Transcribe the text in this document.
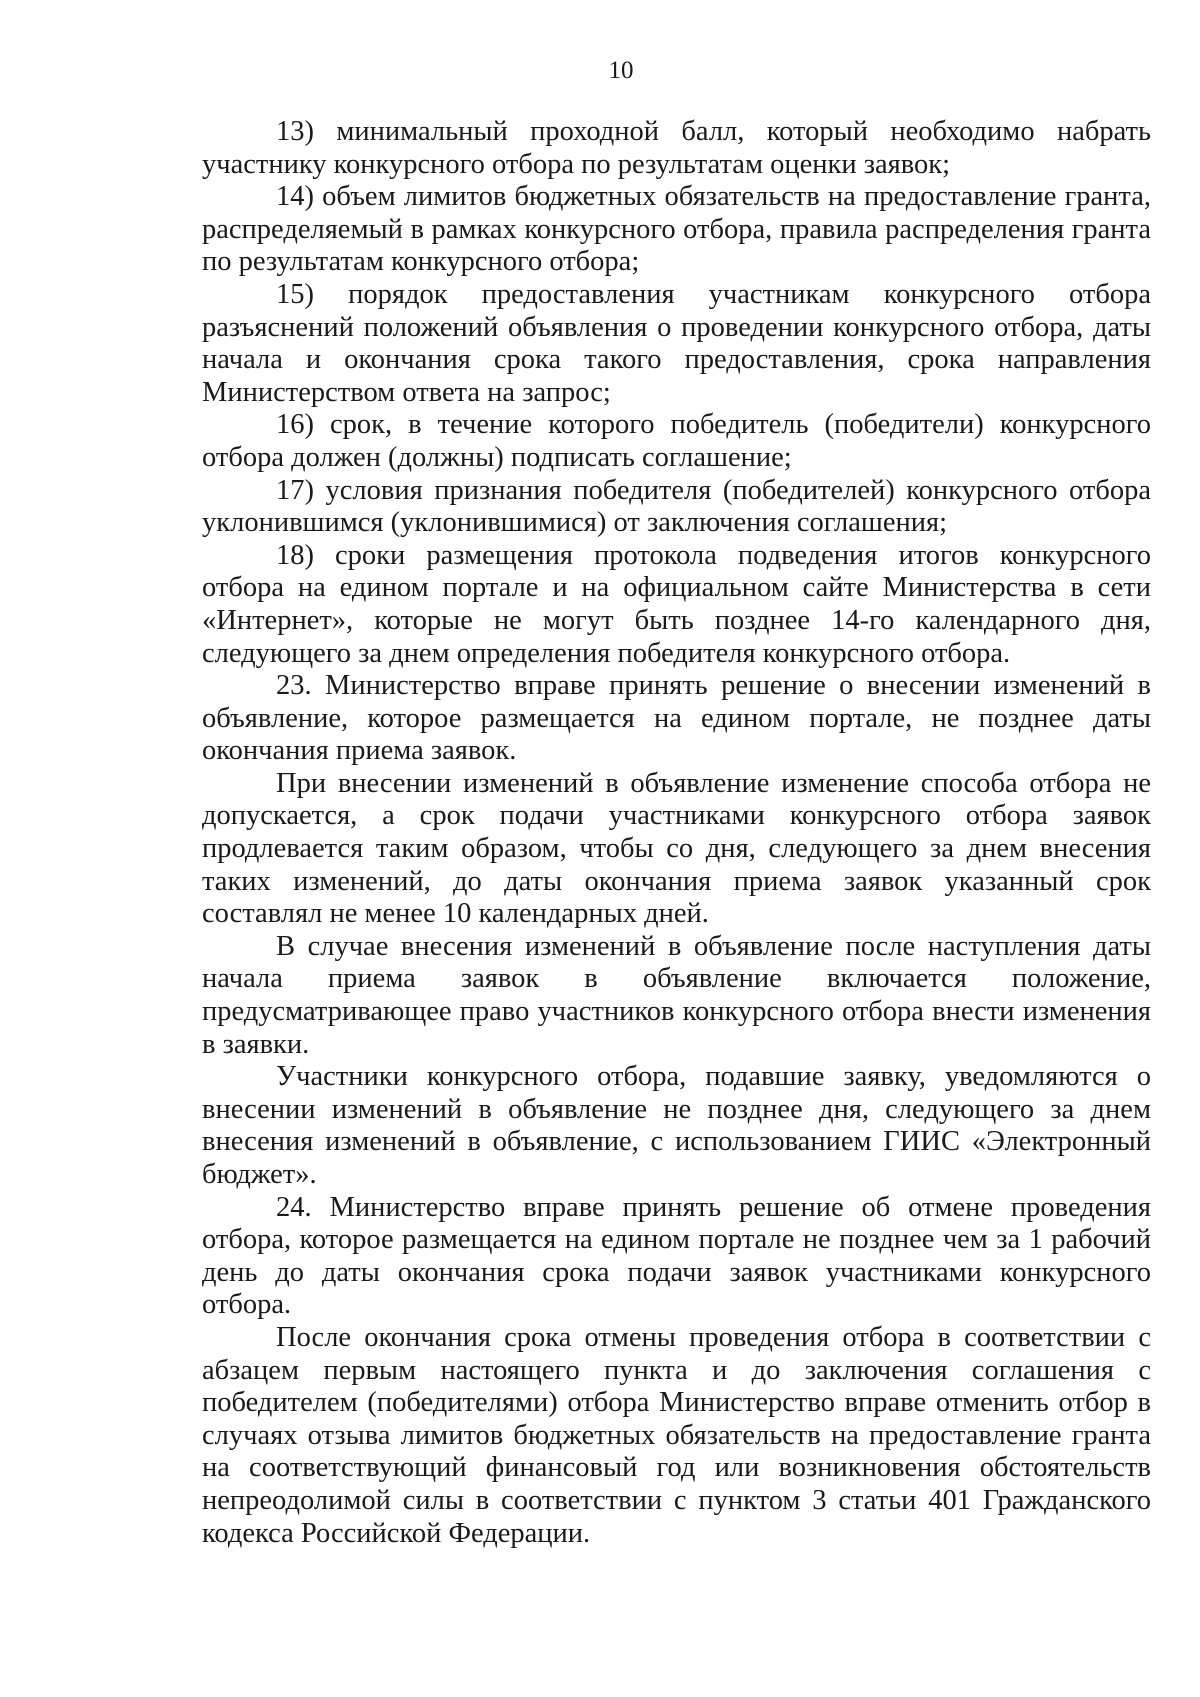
10

13) минимальный проходной балл, который необходимо набрать участнику конкурсного отбора по результатам оценки заявок;

14) объем лимитов бюджетных обязательств на предоставление гранта, распределяемый в рамках конкурсного отбора, правила распределения гранта по результатам конкурсного отбора;

15) порядок предоставления участникам конкурсного отбора разъяснений положений объявления о проведении конкурсного отбора, даты начала и окончания срока такого предоставления, срока направления Министерством ответа на запрос;

16) срок, в течение которого победитель (победители) конкурсного отбора должен (должны) подписать соглашение;

17) условия признания победителя (победителей) конкурсного отбора уклонившимся (уклонившимися) от заключения соглашения;

18) сроки размещения протокола подведения итогов конкурсного отбора на едином портале и на официальном сайте Министерства в сети «Интернет», которые не могут быть позднее 14-го календарного дня, следующего за днем определения победителя конкурсного отбора.

23. Министерство вправе принять решение о внесении изменений в объявление, которое размещается на едином портале, не позднее даты окончания приема заявок.

При внесении изменений в объявление изменение способа отбора не допускается, а срок подачи участниками конкурсного отбора заявок продлевается таким образом, чтобы со дня, следующего за днем внесения таких изменений, до даты окончания приема заявок указанный срок составлял не менее 10 календарных дней.

В случае внесения изменений в объявление после наступления даты начала приема заявок в объявление включается положение, предусматривающее право участников конкурсного отбора внести изменения в заявки.

Участники конкурсного отбора, подавшие заявку, уведомляются о внесении изменений в объявление не позднее дня, следующего за днем внесения изменений в объявление, с использованием ГИИС «Электронный бюджет».

24. Министерство вправе принять решение об отмене проведения отбора, которое размещается на едином портале не позднее чем за 1 рабочий день до даты окончания срока подачи заявок участниками конкурсного отбора.

После окончания срока отмены проведения отбора в соответствии с абзацем первым настоящего пункта и до заключения соглашения с победителем (победителями) отбора Министерство вправе отменить отбор в случаях отзыва лимитов бюджетных обязательств на предоставление гранта на соответствующий финансовый год или возникновения обстоятельств непреодолимой силы в соответствии с пунктом 3 статьи 401 Гражданского кодекса Российской Федерации.
